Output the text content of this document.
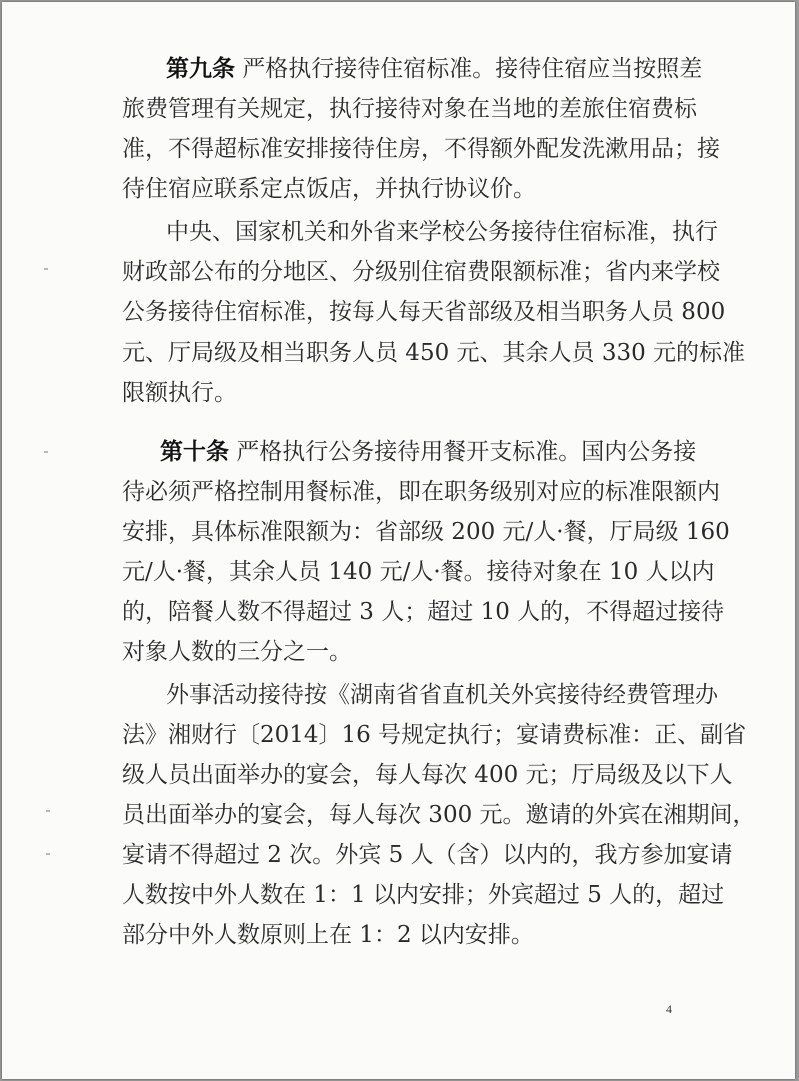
第九条 严格执行接待住宿标准。接待住宿应当按照差
旅费管理有关规定，执行接待对象在当地的差旅住宿费标
准，不得超标准安排接待住房，不得额外配发洗漱用品；接
待住宿应联系定点饭店，并执行协议价。
中央、国家机关和外省来学校公务接待住宿标准，执行
财政部公布的分地区、分级别住宿费限额标准；省内来学校
公务接待住宿标准，按每人每天省部级及相当职务人员 800
元、厅局级及相当职务人员 450 元、其余人员 330 元的标准
限额执行。
第十条 严格执行公务接待用餐开支标准。国内公务接
待必须严格控制用餐标准，即在职务级别对应的标准限额内
安排，具体标准限额为：省部级 200 元/人·餐，厅局级 160
元/人·餐，其余人员 140 元/人·餐。接待对象在 10 人以内
的，陪餐人数不得超过 3 人；超过 10 人的，不得超过接待
对象人数的三分之一。
外事活动接待按《湖南省省直机关外宾接待经费管理办
法》湘财行〔2014〕16 号规定执行；宴请费标准：正、副省
级人员出面举办的宴会，每人每次 400 元；厅局级及以下人
员出面举办的宴会，每人每次 300 元。邀请的外宾在湘期间，
宴请不得超过 2 次。外宾 5 人（含）以内的，我方参加宴请
人数按中外人数在 1：1 以内安排；外宾超过 5 人的，超过
部分中外人数原则上在 1：2 以内安排。
4
